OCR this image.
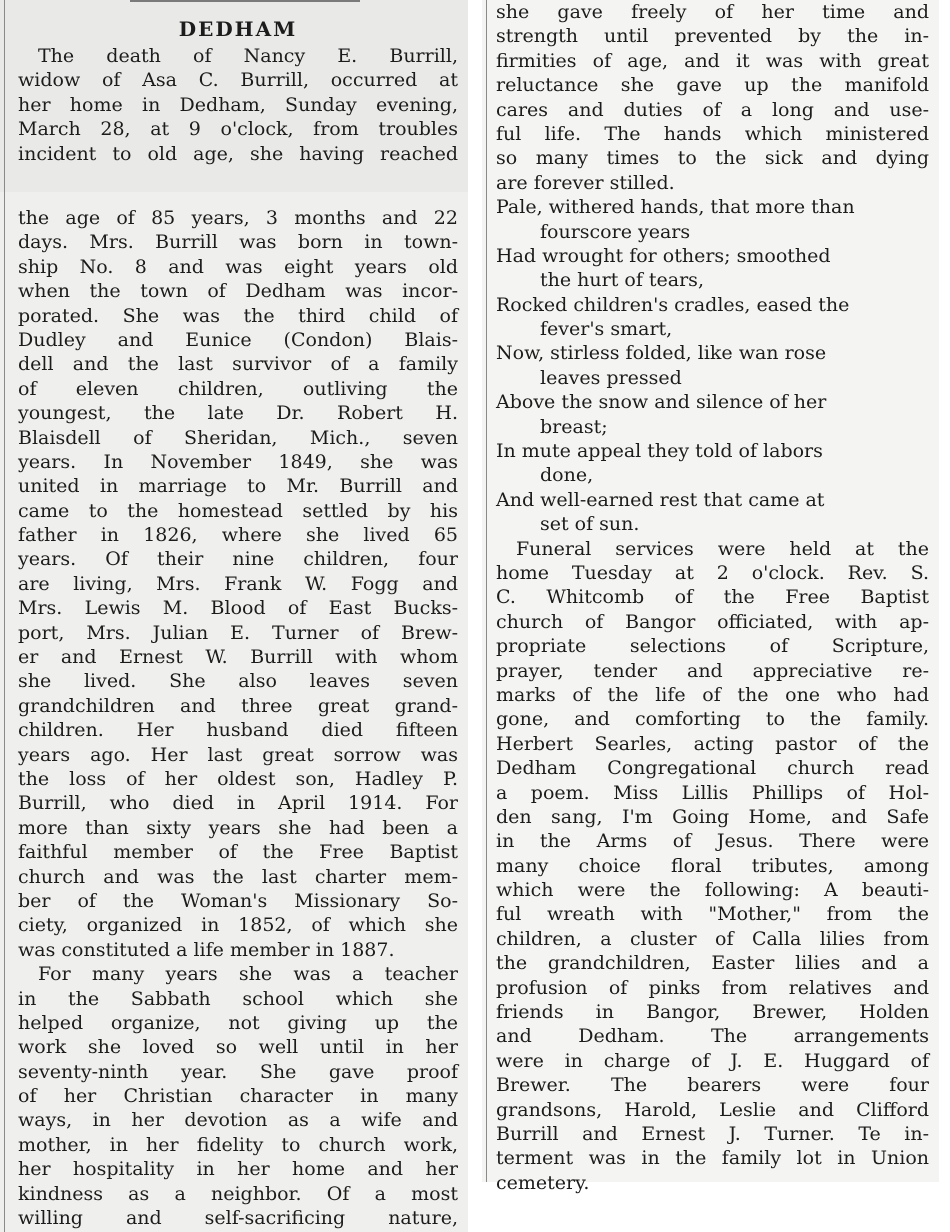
DEDHAM
The death of Nancy E. Burrill,
widow of Asa C. Burrill, occurred at
her home in Dedham, Sunday evening,
March 28, at 9 o'clock, from troubles
incident to old age, she having reached
the age of 85 years, 3 months and 22
days. Mrs. Burrill was born in town-
ship No. 8 and was eight years old
when the town of Dedham was incor-
porated. She was the third child of
Dudley and Eunice (Condon) Blais-
dell and the last survivor of a family
of eleven children, outliving the
youngest, the late Dr. Robert H.
Blaisdell of Sheridan, Mich., seven
years. In November 1849, she was
united in marriage to Mr. Burrill and
came to the homestead settled by his
father in 1826, where she lived 65
years. Of their nine children, four
are living, Mrs. Frank W. Fogg and
Mrs. Lewis M. Blood of East Bucks-
port, Mrs. Julian E. Turner of Brew-
er and Ernest W. Burrill with whom
she lived. She also leaves seven
grandchildren and three great grand-
children. Her husband died fifteen
years ago. Her last great sorrow was
the loss of her oldest son, Hadley P.
Burrill, who died in April 1914. For
more than sixty years she had been a
faithful member of the Free Baptist
church and was the last charter mem-
ber of the Woman's Missionary So-
ciety, organized in 1852, of which she
was constituted a life member in 1887.
For many years she was a teacher
in the Sabbath school which she
helped organize, not giving up the
work she loved so well until in her
seventy-ninth year. She gave proof
of her Christian character in many
ways, in her devotion as a wife and
mother, in her fidelity to church work,
her hospitality in her home and her
kindness as a neighbor. Of a most
willing and self-sacrificing nature,
she gave freely of her time and
strength until prevented by the in-
firmities of age, and it was with great
reluctance she gave up the manifold
cares and duties of a long and use-
ful life. The hands which ministered
so many times to the sick and dying
are forever stilled.
Pale, withered hands, that more than
fourscore years
Had wrought for others; smoothed
the hurt of tears,
Rocked children's cradles, eased the
fever's smart,
Now, stirless folded, like wan rose
leaves pressed
Above the snow and silence of her
breast;
In mute appeal they told of labors
done,
And well-earned rest that came at
set of sun.
Funeral services were held at the
home Tuesday at 2 o'clock. Rev. S.
C. Whitcomb of the Free Baptist
church of Bangor officiated, with ap-
propriate selections of Scripture,
prayer, tender and appreciative re-
marks of the life of the one who had
gone, and comforting to the family.
Herbert Searles, acting pastor of the
Dedham Congregational church read
a poem. Miss Lillis Phillips of Hol-
den sang, I'm Going Home, and Safe
in the Arms of Jesus. There were
many choice floral tributes, among
which were the following: A beauti-
ful wreath with "Mother," from the
children, a cluster of Calla lilies from
the grandchildren, Easter lilies and a
profusion of pinks from relatives and
friends in Bangor, Brewer, Holden
and Dedham. The arrangements
were in charge of J. E. Huggard of
Brewer. The bearers were four
grandsons, Harold, Leslie and Clifford
Burrill and Ernest J. Turner. Te in-
terment was in the family lot in Union
cemetery.
